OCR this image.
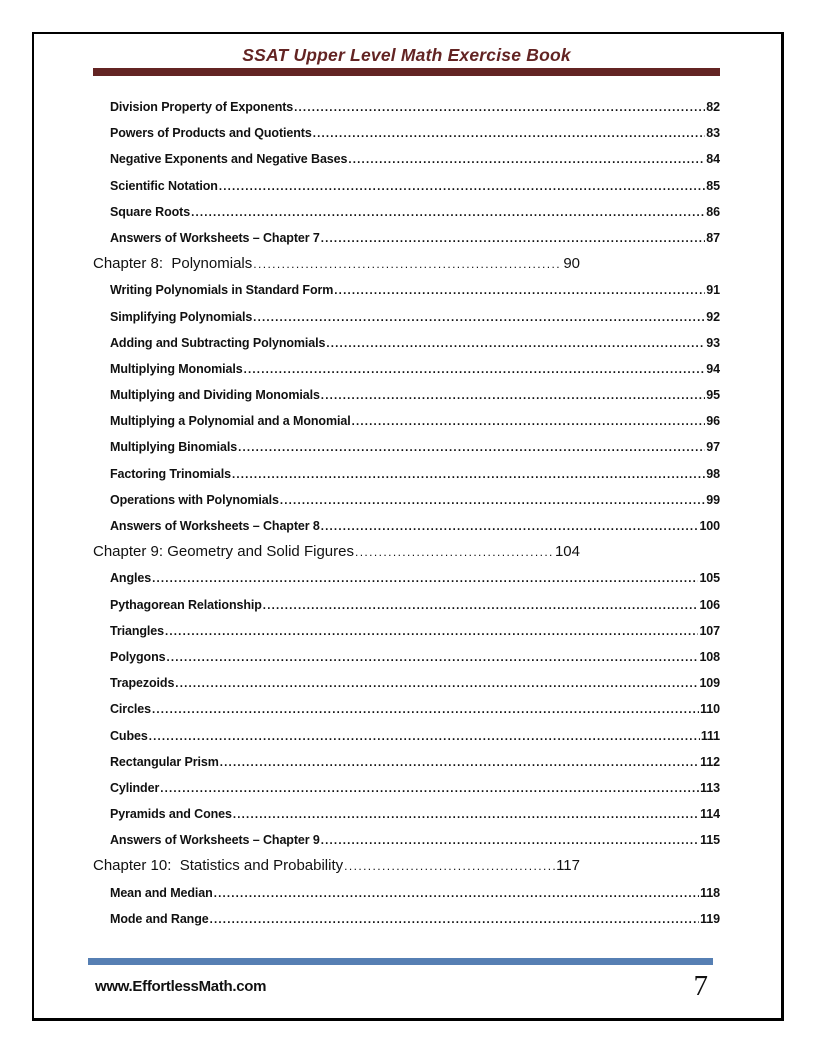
SSAT Upper Level Math Exercise Book
Division Property of Exponents .....	82
Powers of Products and Quotients .....	83
Negative Exponents and Negative Bases .....	84
Scientific Notation .....	85
Square Roots .....	86
Answers of Worksheets – Chapter 7 .....	87
Chapter 8:  Polynomials .....	90
Writing Polynomials in Standard Form .....	91
Simplifying Polynomials .....	92
Adding and Subtracting Polynomials .....	93
Multiplying Monomials .....	94
Multiplying and Dividing Monomials .....	95
Multiplying a Polynomial and a Monomial .....	96
Multiplying Binomials .....	97
Factoring Trinomials .....	98
Operations with Polynomials .....	99
Answers of Worksheets – Chapter 8 .....	100
Chapter 9: Geometry and Solid Figures .....	104
Angles .....	105
Pythagorean Relationship .....	106
Triangles .....	107
Polygons .....	108
Trapezoids .....	109
Circles .....	110
Cubes .....	111
Rectangular Prism .....	112
Cylinder .....	113
Pyramids and Cones .....	114
Answers of Worksheets – Chapter 9 .....	115
Chapter 10:  Statistics and Probability .....	117
Mean and Median .....	118
Mode and Range .....	119
www.EffortlessMath.com	7
